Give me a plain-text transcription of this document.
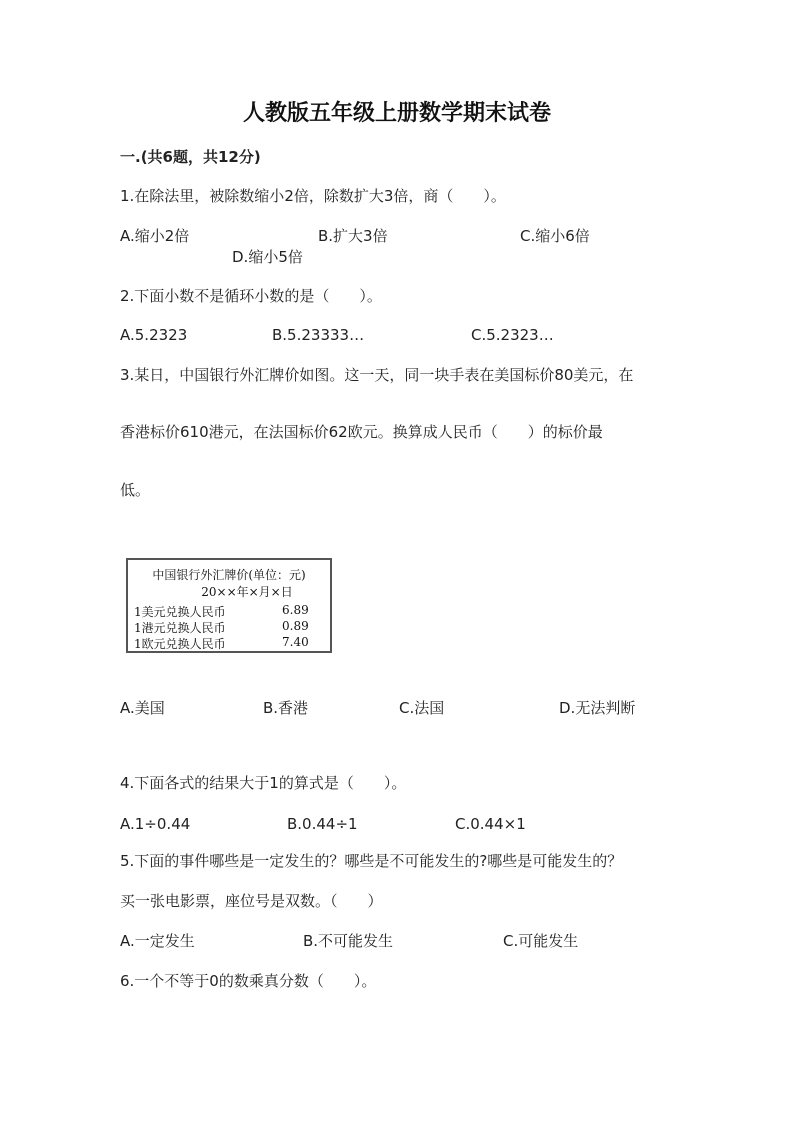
人教版五年级上册数学期末试卷
一.(共6题，共12分)
1.在除法里，被除数缩小2倍，除数扩大3倍，商（　　）。
A.缩小2倍	B.扩大3倍	C.缩小6倍
D.缩小5倍
2.下面小数不是循环小数的是（　　）。
A.5.2323	B.5.23333…	C.5.2323…
3.某日，中国银行外汇牌价如图。这一天，同一块手表在美国标价80美元，在
香港标价610港元，在法国标价62欧元。换算成人民币（　　）的标价最
低。
中国银行外汇牌价(单位：元)
20××年×月×日
1美元兑换人民币	6.89
1港元兑换人民币	0.89
1欧元兑换人民币	7.40
A.美国	B.香港	C.法国	D.无法判断
4.下面各式的结果大于1的算式是（　　）。
A.1÷0.44	B.0.44÷1	C.0.44×1
5.下面的事件哪些是一定发生的？哪些是不可能发生的?哪些是可能发生的？
买一张电影票，座位号是双数。（　　）
A.一定发生	B.不可能发生	C.可能发生
6.一个不等于0的数乘真分数（　　）。
